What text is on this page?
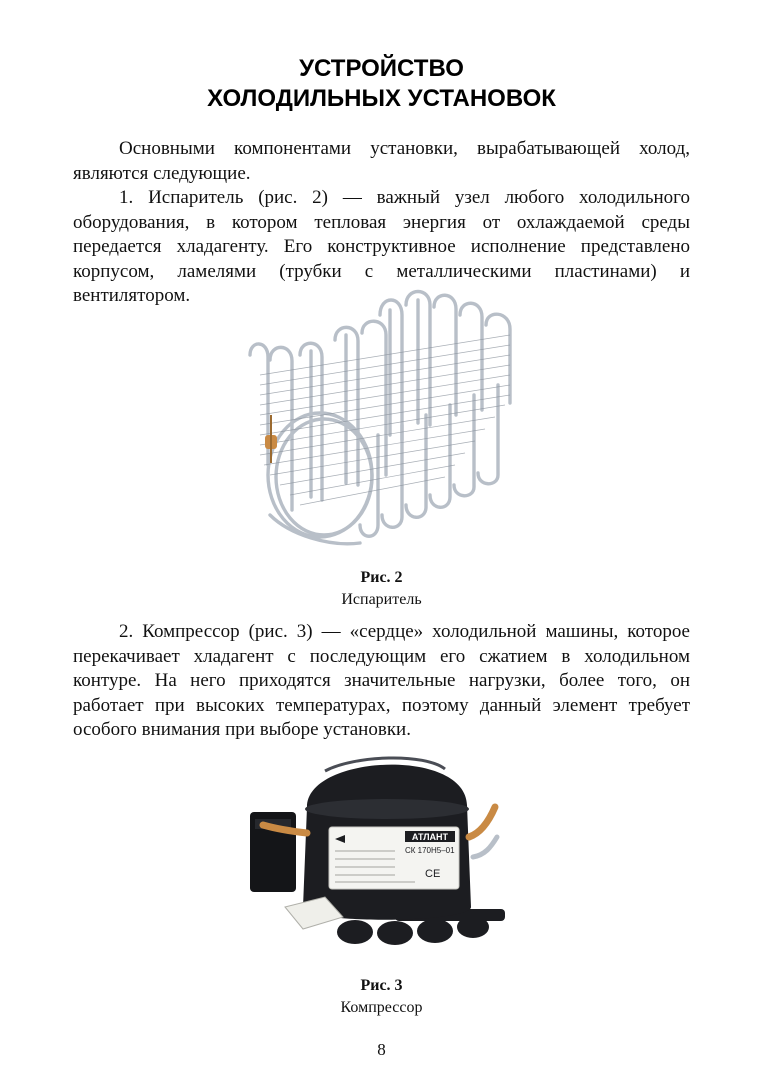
УСТРОЙСТВО
ХОЛОДИЛЬНЫХ УСТАНОВОК

Основными компонентами установки, вырабатывающей холод, являются следующие.

1. Испаритель (рис. 2) — важный узел любого холодильного оборудования, в котором тепловая энергия от охлаждаемой среды передается хладагенту. Его конструктивное исполнение представлено корпусом, ламелями (трубки с металлическими пластинами) и вентилятором.

Рис. 2
Испаритель

2. Компрессор (рис. 3) — «сердце» холодильной машины, которое перекачивает хладагент с последующим его сжатием в холодильном контуре. На него приходятся значительные нагрузки, более того, он работает при высоких температурах, поэтому данный элемент требует особого внимания при выборе установки.

АТЛАНТ
СК 170Н5–01
CE
Рис. 3
Компрессор
8
